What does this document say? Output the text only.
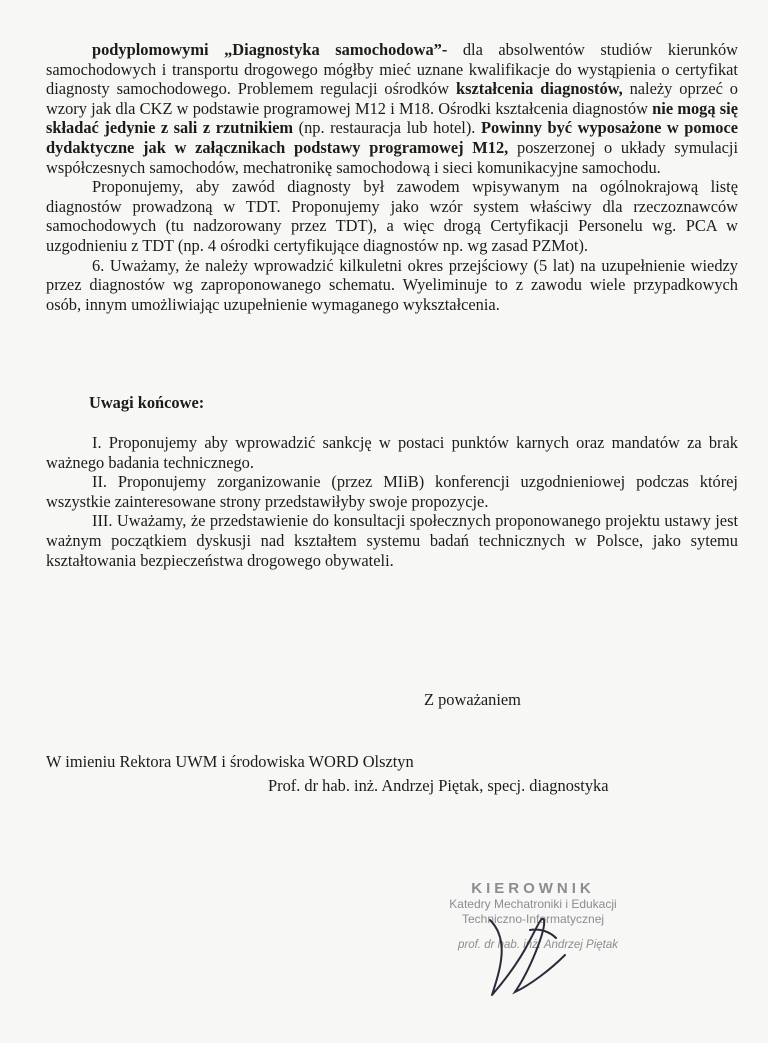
podyplomowymi „Diagnostyka samochodowa”- dla absolwentów studiów kierunków samochodowych i transportu drogowego mógłby mieć uznane kwalifikacje do wystąpienia o certyfikat diagnosty samochodowego. Problemem regulacji ośrodków kształcenia diagnostów, należy oprzeć o wzory jak dla CKZ w podstawie programowej M12 i M18. Ośrodki kształcenia diagnostów nie mogą się składać jedynie z sali z rzutnikiem (np. restauracja lub hotel). Powinny być wyposażone w pomoce dydaktyczne jak w załącznikach podstawy programowej M12, poszerzonej o układy symulacji współczesnych samochodów, mechatronikę samochodową i sieci komunikacyjne samochodu.

Proponujemy, aby zawód diagnosty był zawodem wpisywanym na ogólnokrajową listę diagnostów prowadzoną w TDT. Proponujemy jako wzór system właściwy dla rzeczoznawców samochodowych (tu nadzorowany przez TDT), a więc drogą Certyfikacji Personelu wg. PCA w uzgodnieniu z TDT (np. 4 ośrodki certyfikujące diagnostów np. wg zasad PZMot).

6. Uważamy, że należy wprowadzić kilkuletni okres przejściowy (5 lat) na uzupełnienie wiedzy przez diagnostów wg zaproponowanego schematu. Wyeliminuje to z zawodu wiele przypadkowych osób, innym umożliwiając uzupełnienie wymaganego wykształcenia.

Uwagi końcowe:

I. Proponujemy aby wprowadzić sankcję w postaci punktów karnych oraz mandatów za brak ważnego badania technicznego.

II. Proponujemy zorganizowanie (przez MIiB) konferencji uzgodnieniowej podczas której wszystkie zainteresowane strony przedstawiłyby swoje propozycje.

III. Uważamy, że przedstawienie do konsultacji społecznych proponowanego projektu ustawy jest ważnym początkiem dyskusji nad kształtem systemu badań technicznych w Polsce, jako sytemu kształtowania bezpieczeństwa drogowego obywateli.

Z poważaniem
W imieniu Rektora UWM i środowiska WORD Olsztyn
Prof. dr hab. inż. Andrzej Piętak, specj. diagnostyka
KIEROWNIK
Katedry Mechatroniki i Edukacji
Techniczno-Informatycznej
prof. dr hab. inż. Andrzej Piętak
